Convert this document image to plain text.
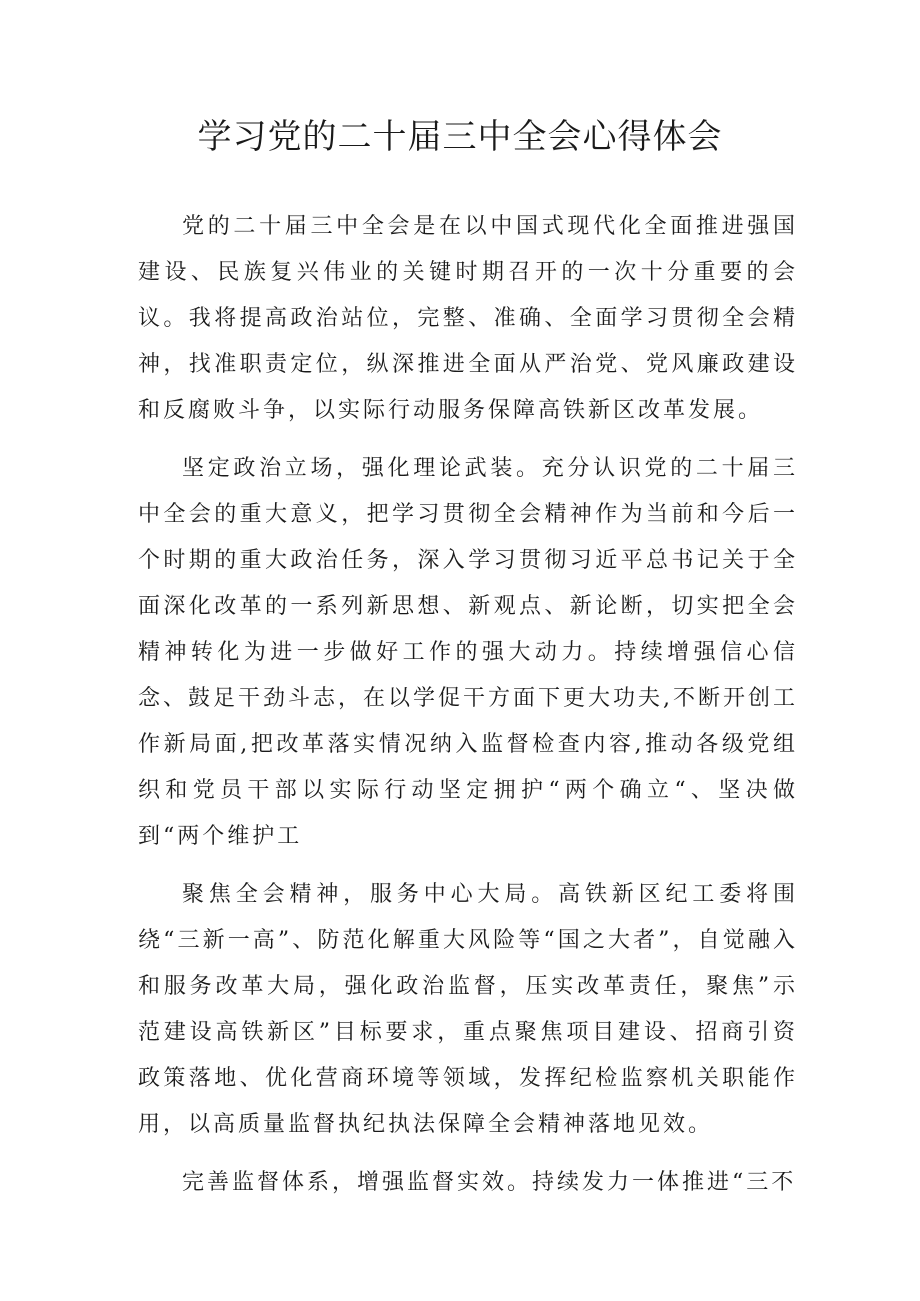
学习党的二十届三中全会心得体会

党的二十届三中全会是在以中国式现代化全面推进强国建设、民族复兴伟业的关键时期召开的一次十分重要的会议。我将提高政治站位，完整、准确、全面学习贯彻全会精神，找准职责定位，纵深推进全面从严治党、党风廉政建设和反腐败斗争，以实际行动服务保障高铁新区改革发展。

坚定政治立场，强化理论武装。充分认识党的二十届三中全会的重大意义，把学习贯彻全会精神作为当前和今后一个时期的重大政治任务，深入学习贯彻习近平总书记关于全面深化改革的一系列新思想、新观点、新论断，切实把全会精神转化为进一步做好工作的强大动力。持续增强信心信念、鼓足干劲斗志，在以学促干方面下更大功夫,不断开创工作新局面,把改革落实情况纳入监督检查内容,推动各级党组织和党员干部以实际行动坚定拥护“两个确立“、坚决做到“两个维护工

聚焦全会精神，服务中心大局。高铁新区纪工委将围绕“三新一高”、防范化解重大风险等“国之大者”，自觉融入和服务改革大局，强化政治监督，压实改革责任，聚焦”示范建设高铁新区”目标要求，重点聚焦项目建设、招商引资政策落地、优化营商环境等领域，发挥纪检监察机关职能作用，以高质量监督执纪执法保障全会精神落地见效。

完善监督体系，增强监督实效。持续发力一体推进“三不
